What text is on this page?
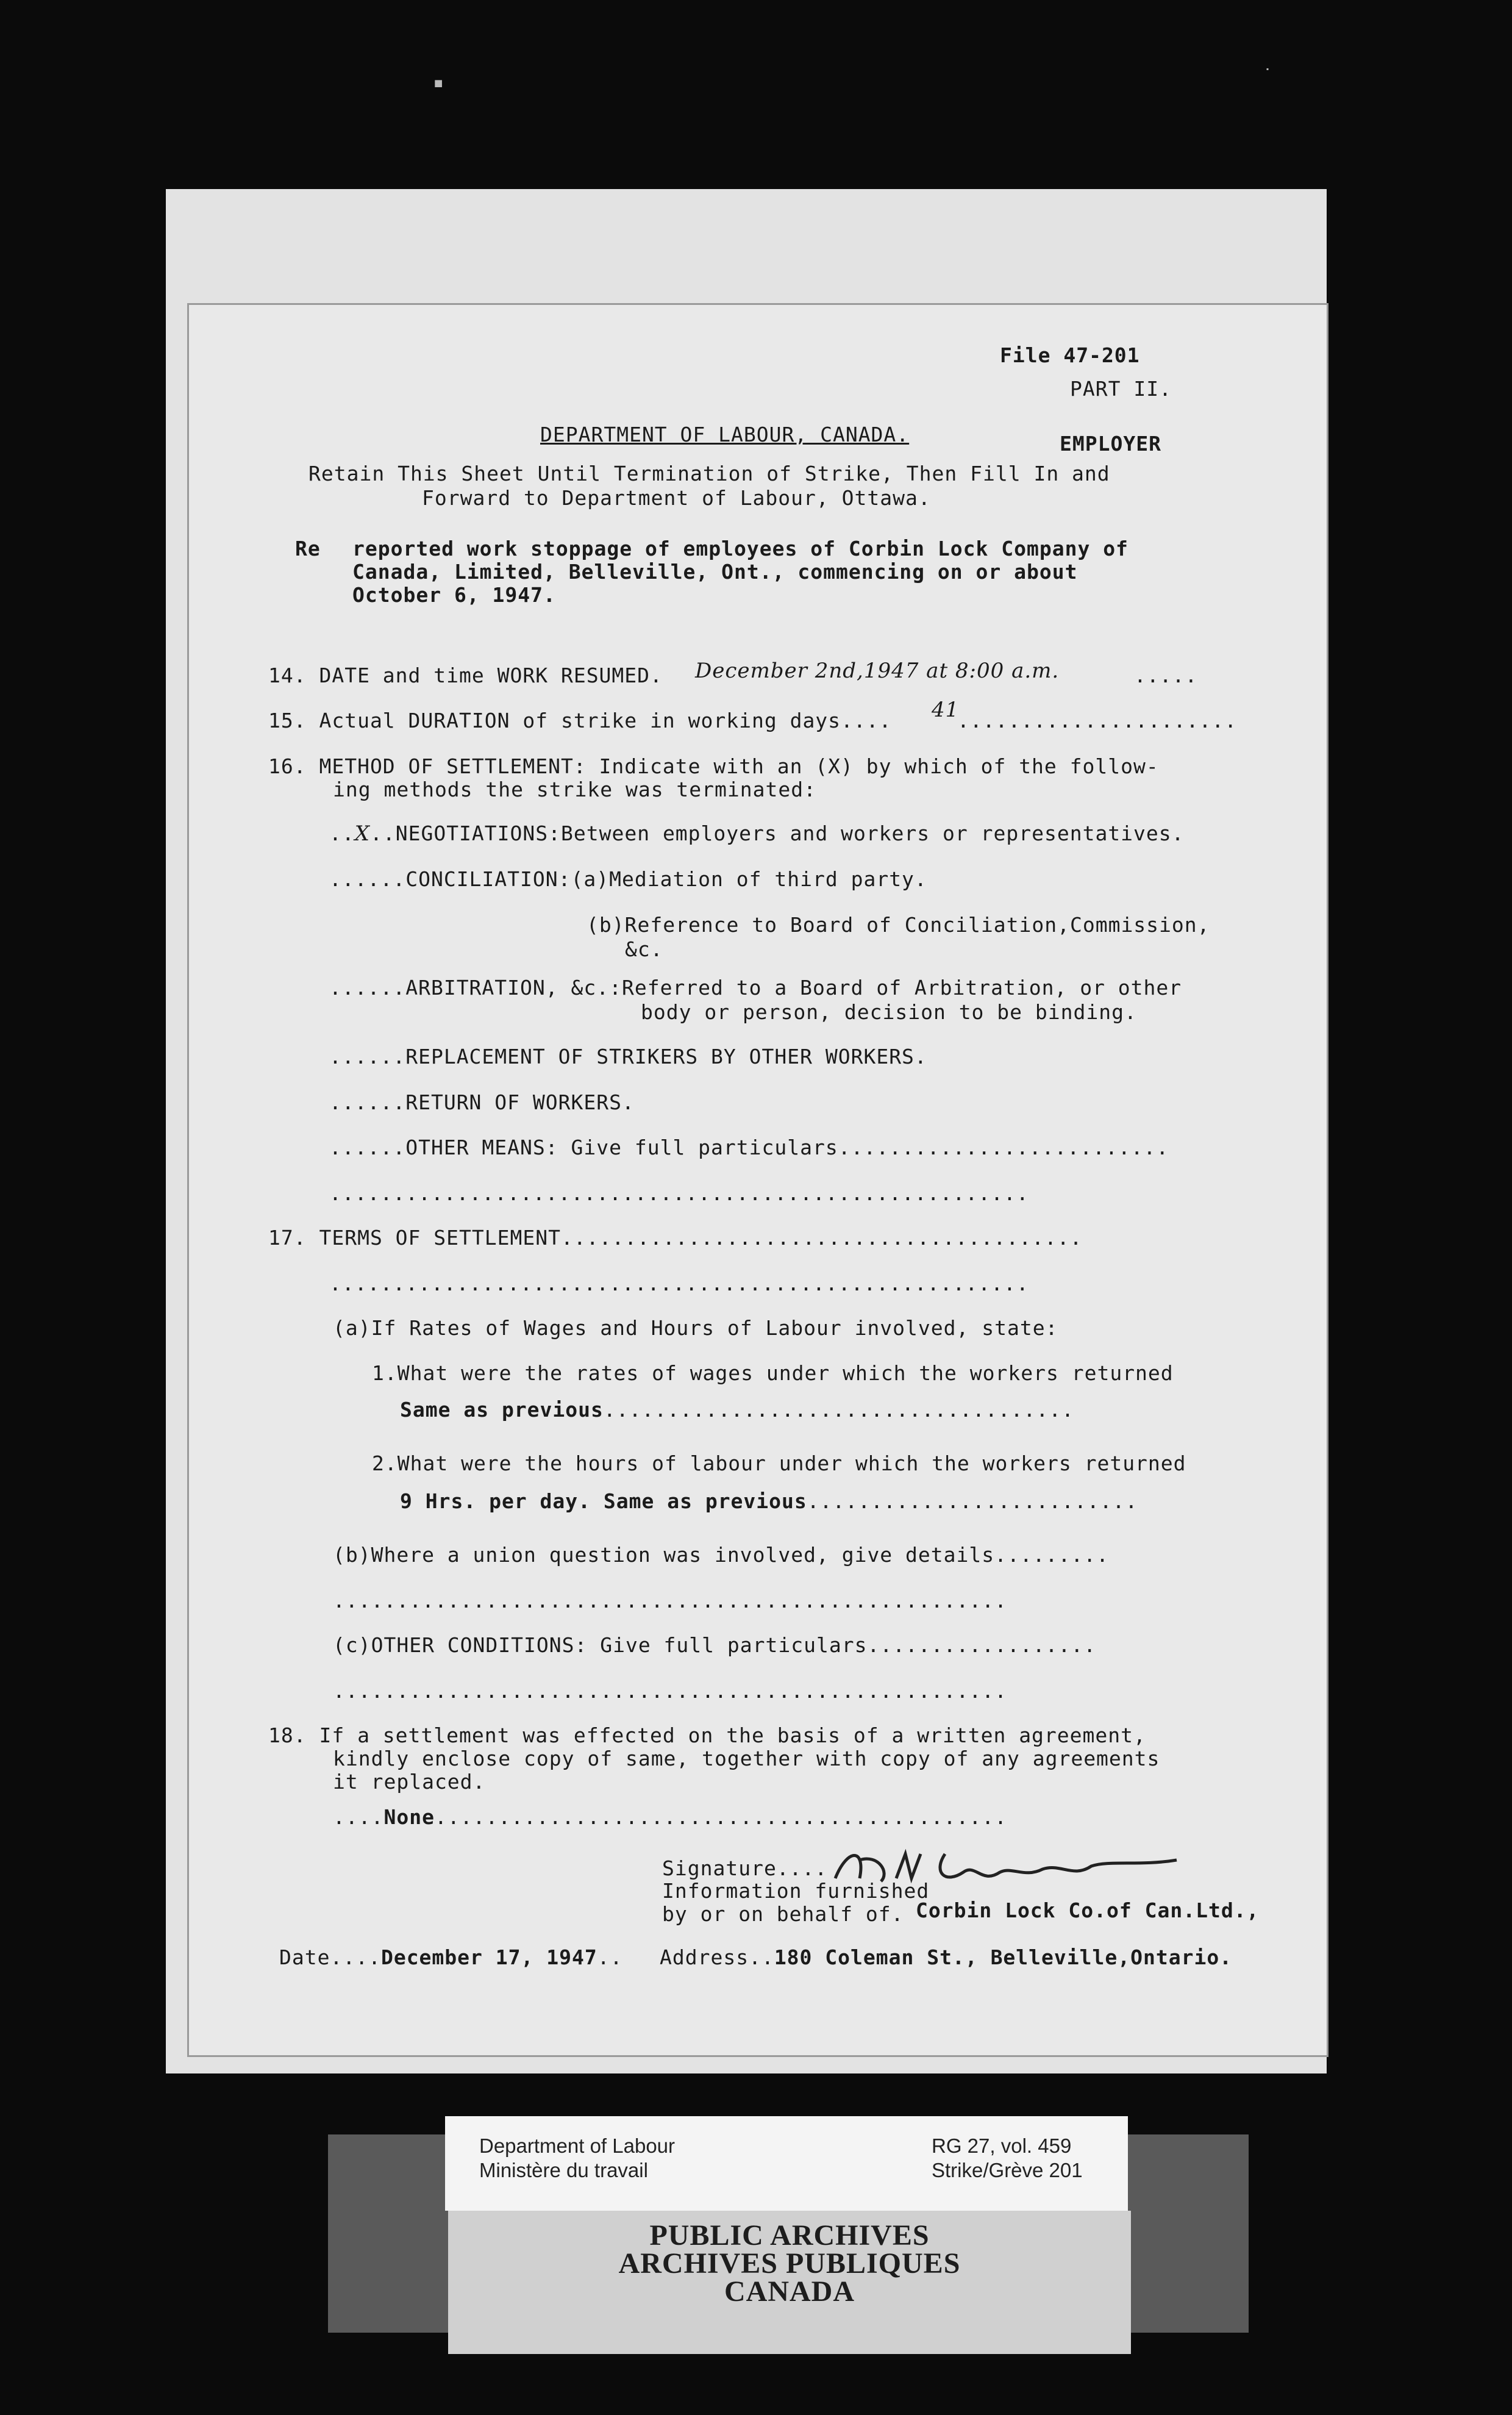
▪	˙
File 47-201
PART II.
EMPLOYER
DEPARTMENT OF LABOUR, CANADA.
Retain This Sheet Until Termination of Strike, Then Fill In and
Forward to Department of Labour, Ottawa.
Re reported work stoppage of employees of Corbin Lock Company of
Canada, Limited, Belleville, Ont., commencing on or about
October 6, 1947.
14. DATE and time WORK RESUMED. December 2nd,1947 at 8:00 a.m.	.....
15. Actual DURATION of strike in working days.... 41
......................
16. METHOD OF SETTLEMENT: Indicate with an (X) by which of the follow-
ing methods the strike was terminated:
..X..NEGOTIATIONS:Between employers and workers or representatives.
......CONCILIATION:(a)Mediation of third party.
(b)Reference to Board of Conciliation,Commission,
&c.
......ARBITRATION, &c.:Referred to a Board of Arbitration, or other
body or person, decision to be binding.
......REPLACEMENT OF STRIKERS BY OTHER WORKERS.
......RETURN OF WORKERS.
......OTHER MEANS: Give full particulars..........................
.......................................................
17. TERMS OF SETTLEMENT.........................................
.......................................................
(a)If Rates of Wages and Hours of Labour involved, state:
1.What were the rates of wages under which the workers returned
Same as previous.....................................
2.What were the hours of labour under which the workers returned
9 Hrs. per day. Same as previous..........................
(b)Where a union question was involved, give details.........
.....................................................
(c)OTHER CONDITIONS: Give full particulars..................
.....................................................
18. If a settlement was effected on the basis of a written agreement,
kindly enclose copy of same, together with copy of any agreements
it replaced.
....None.............................................
Signature....
Information furnished
by or on behalf of. Corbin Lock Co.of Can.Ltd.,
Date....December 17, 1947.. Address..180 Coleman St., Belleville,Ontario.
Department of Labour
Ministère du travail
RG 27, vol. 459
Strike/Grève 201
PUBLIC ARCHIVES
ARCHIVES PUBLIQUES
CANADA
